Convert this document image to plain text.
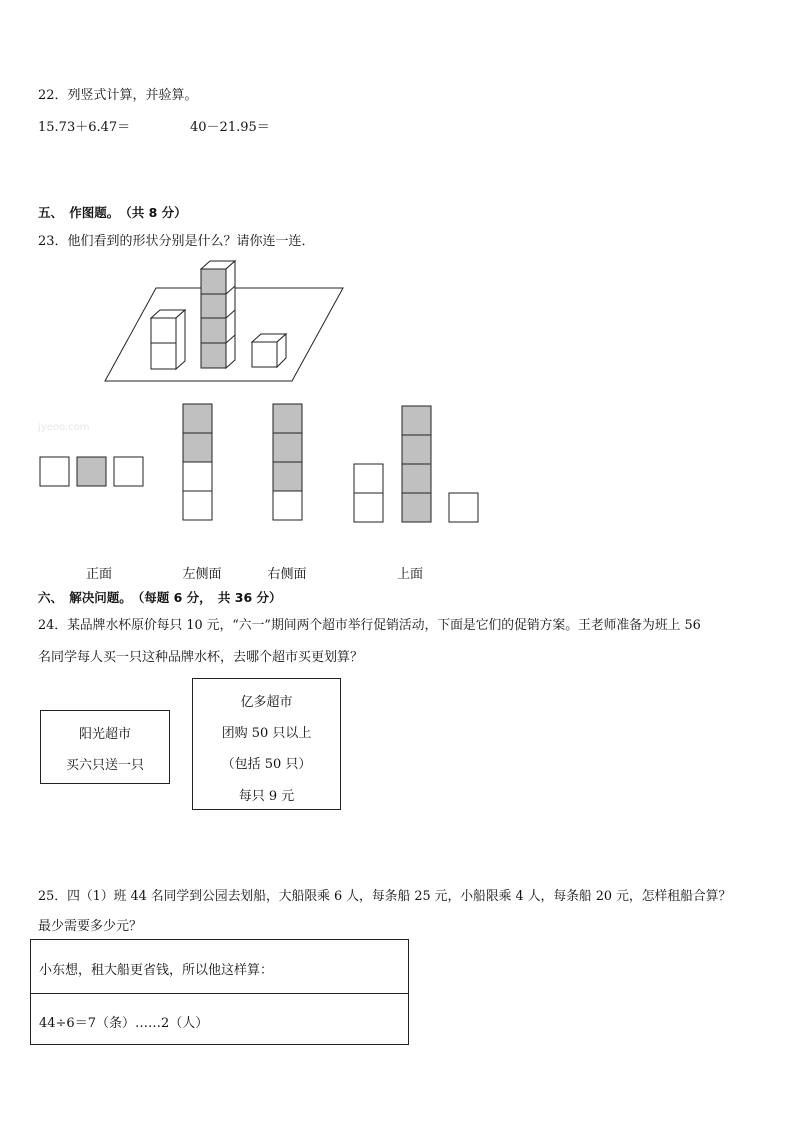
22．列竖式计算，并验算。
15.73＋6.47＝	40－21.95＝
五、　作图题。　（共 8 分）
23．他们看到的形状分别是什么？请你连一连．
jyeoo.com
正面	左侧面	右侧面	上面
六、　解决问题。　（每题 6 分，　共 36 分）
24．某品牌水杯原价每只 10 元，“六一”期间两个超市举行促销活动，下面是它们的促销方案。王老师准备为班上 56
名同学每人买一只这种品牌水杯，去哪个超市买更划算？
阳光超市
买六只送一只
亿多超市
团购 50 只以上
（包括 50 只）
每只 9 元
25．四（1）班 44 名同学到公园去划船，大船限乘 6 人，每条船 25 元，小船限乘 4 人，每条船 20 元，怎样租船合算？
最少需要多少元？
小东想，租大船更省钱，所以他这样算：
44÷6＝7（条）……2（人）
